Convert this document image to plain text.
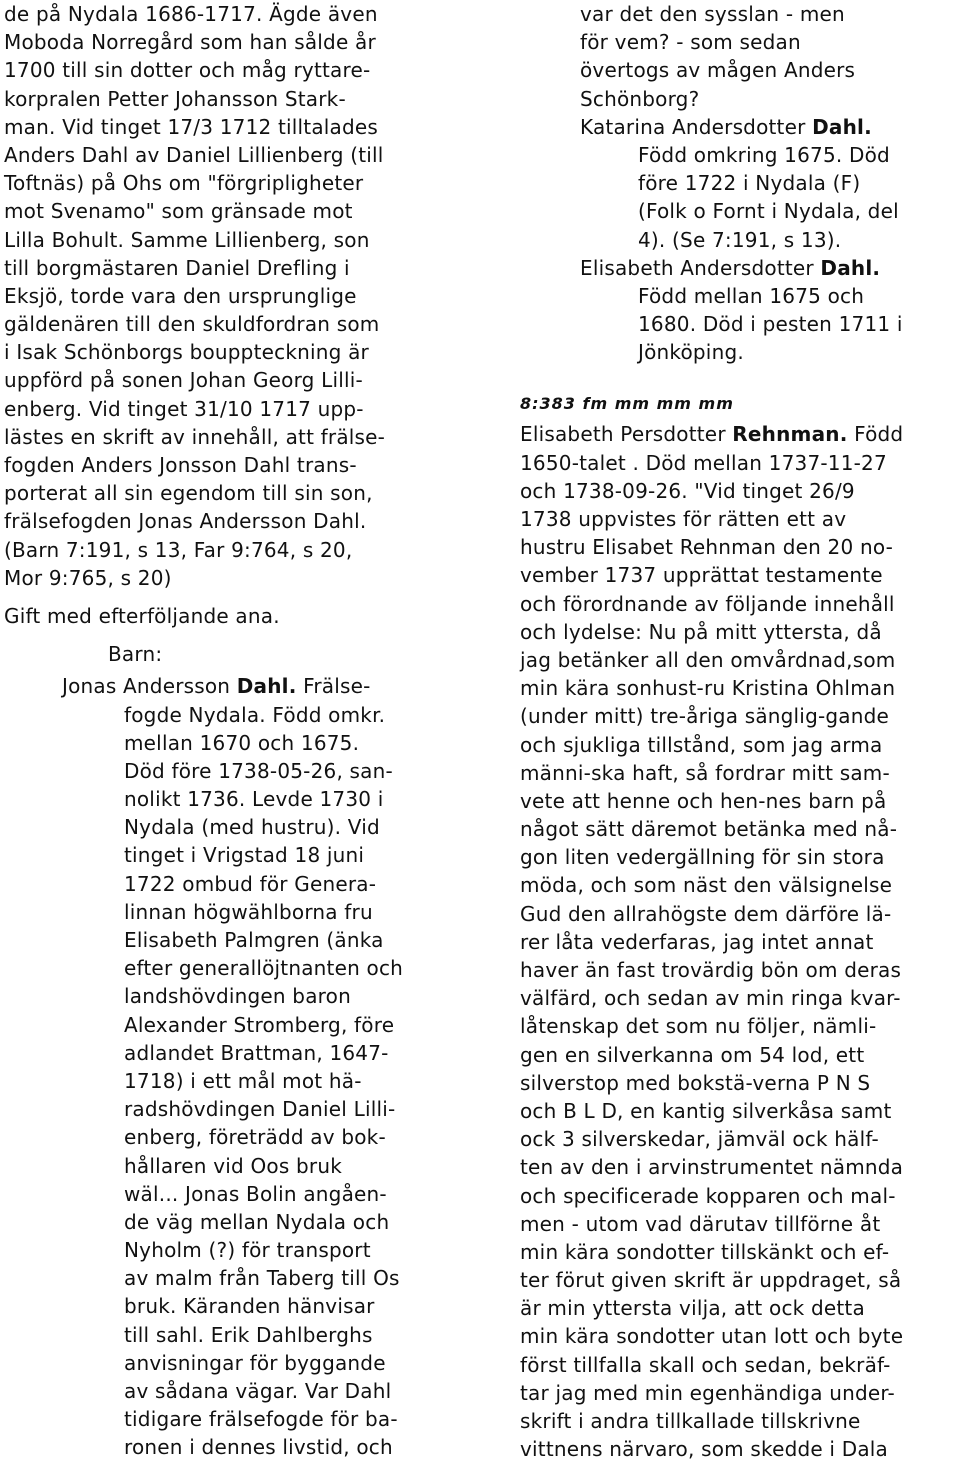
de på Nydala 1686-1717. Ägde även
Moboda Norregård som han sålde år
1700 till sin dotter och måg ryttare-
korpralen Petter Johansson Stark-
man. Vid tinget 17/3 1712 tilltalades
Anders Dahl av Daniel Lillienberg (till
Toftnäs) på Ohs om "förgripligheter
mot Svenamo" som gränsade mot
Lilla Bohult. Samme Lillienberg, son
till borgmästaren Daniel Drefling i
Eksjö, torde vara den ursprunglige
gäldenären till den skuldfordran som
i Isak Schönborgs bouppteckning är
uppförd på sonen Johan Georg Lilli-
enberg. Vid tinget 31/10 1717 upp-
lästes en skrift av innehåll, att frälse-
fogden Anders Jonsson Dahl trans-
porterat all sin egendom till sin son,
frälsefogden Jonas Andersson Dahl.
(Barn 7:191, s 13, Far 9:764, s 20,
Mor 9:765, s 20)
Gift med efterföljande ana.
Barn:
Jonas Andersson Dahl. Frälse-
fogde Nydala. Född omkr.
mellan 1670 och 1675.
Död före 1738-05-26, san-
nolikt 1736. Levde 1730 i
Nydala (med hustru). Vid
tinget i Vrigstad 18 juni
1722 ombud för Genera-
linnan högwählborna fru
Elisabeth Palmgren (änka
efter generallöjtnanten och
landshövdingen baron
Alexander Stromberg, före
adlandet Brattman, 1647-
1718) i ett mål mot hä-
radshövdingen Daniel Lilli-
enberg, företrädd av bok-
hållaren vid Oos bruk
wäl... Jonas Bolin angåen-
de väg mellan Nydala och
Nyholm (?) för transport
av malm från Taberg till Os
bruk. Käranden hänvisar
till sahl. Erik Dahlberghs
anvisningar för byggande
av sådana vägar. Var Dahl
tidigare frälsefogde för ba-
ronen i dennes livstid, och
var det den sysslan - men
för vem? - som sedan
övertogs av mågen Anders
Schönborg?
Katarina Andersdotter Dahl.
Född omkring 1675. Död
före 1722 i Nydala (F)
(Folk o Fornt i Nydala, del
4). (Se 7:191, s 13).
Elisabeth Andersdotter Dahl.
Född mellan 1675 och
1680. Död i pesten 1711 i
Jönköping.
8:383 fm mm mm mm
Elisabeth Persdotter Rehnman. Född
1650-talet . Död mellan 1737-11-27
och 1738-09-26. "Vid tinget 26/9
1738 uppvistes för rätten ett av
hustru Elisabet Rehnman den 20 no-
vember 1737 upprättat testamente
och förordnande av följande innehåll
och lydelse: Nu på mitt yttersta, då
jag betänker all den omvårdnad,som
min kära sonhust-ru Kristina Ohlman
(under mitt) tre-åriga sänglig-gande
och sjukliga tillstånd, som jag arma
männi-ska haft, så fordrar mitt sam-
vete att henne och hen-nes barn på
något sätt däremot betänka med nå-
gon liten vedergällning för sin stora
möda, och som näst den välsignelse
Gud den allrahögste dem därföre lä-
rer låta vederfaras, jag intet annat
haver än fast trovärdig bön om deras
välfärd, och sedan av min ringa kvar-
låtenskap det som nu följer, nämli-
gen en silverkanna om 54 lod, ett
silverstop med bokstä-verna P N S
och B L D, en kantig silverkåsa samt
ock 3 silverskedar, jämväl ock hälf-
ten av den i arvinstrumentet nämnda
och specificerade kopparen och mal-
men - utom vad därutav tillförne åt
min kära sondotter tillskänkt och ef-
ter förut given skrift är uppdraget, så
är min yttersta vilja, att ock detta
min kära sondotter utan lott och byte
först tillfalla skall och sedan, bekräf-
tar jag med min egenhändiga under-
skrift i andra tillkallade tillskrivne
vittnens närvaro, som skedde i Dala
